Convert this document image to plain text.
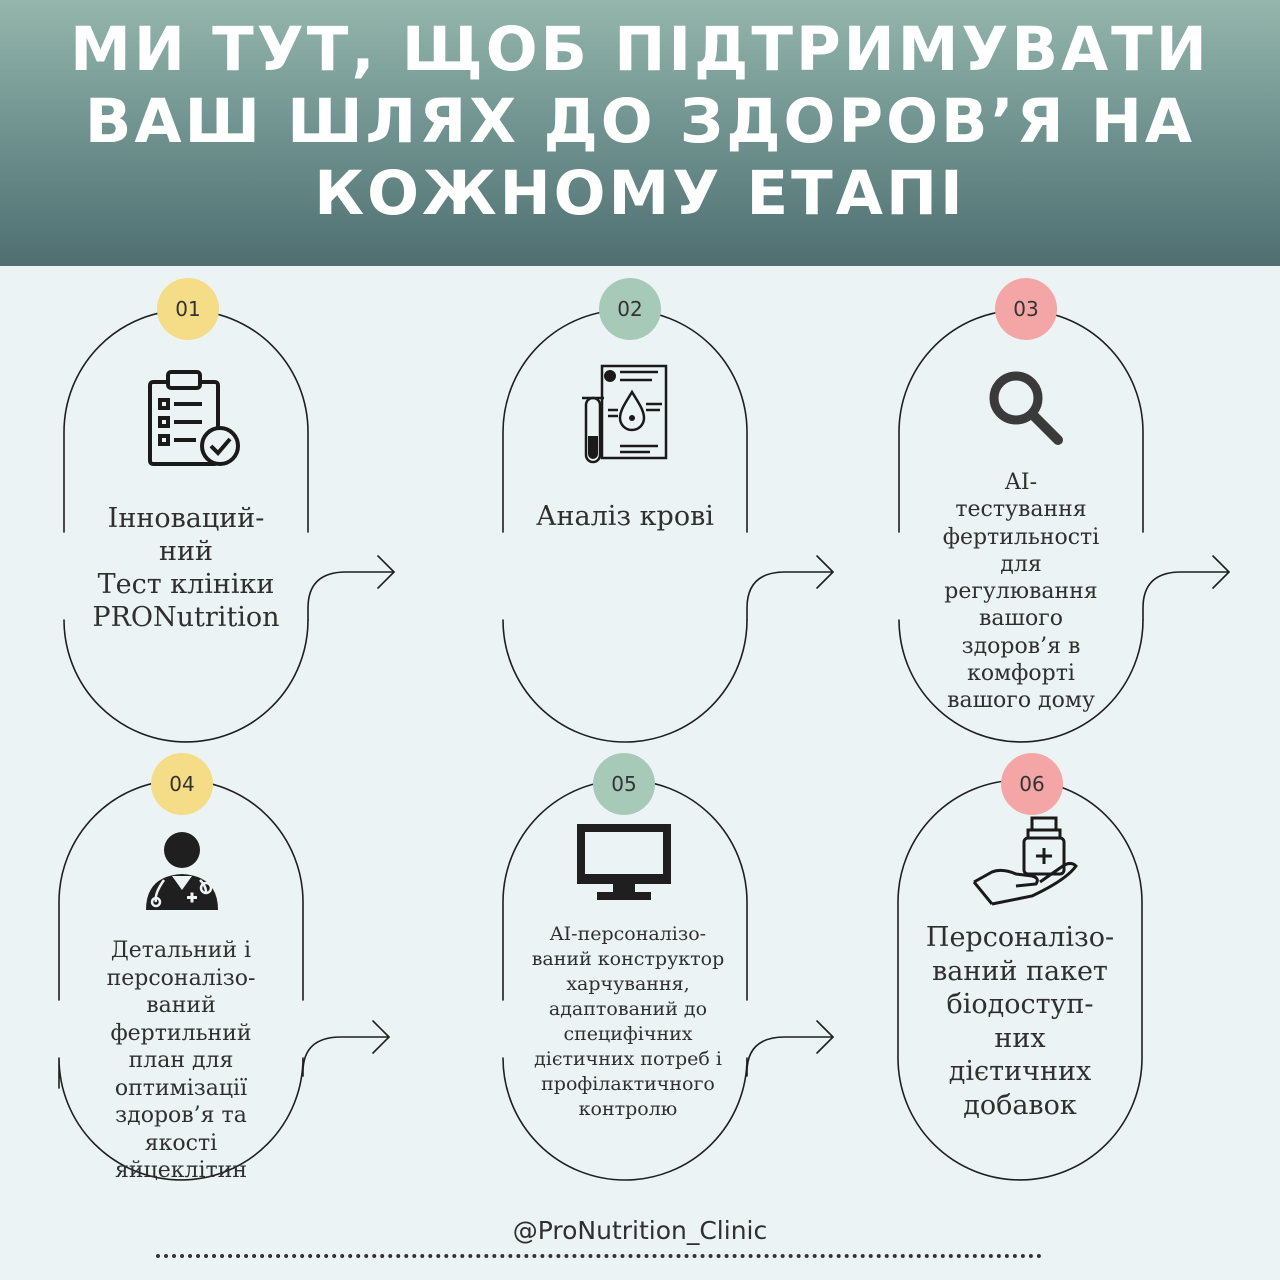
МИ ТУТ, ЩОБ ПІДТРИМУВАТИ
ВАШ ШЛЯХ ДО ЗДОРОВ’Я НА
КОЖНОМУ ЕТАПІ
01	02	03
04	05	06
Інноваций-
ний
Тест клініки
PRONutrition
Аналіз крові
AI-
тестування
фертильності
для
регулювання
вашого
здоров’я в
комфорті
вашого дому
Детальний і
персоналізо-
ваний
фертильний
план для
оптимізації
здоров’я та
якості
яйцеклітин
AI-персоналізо-
ваний конструктор
харчування,
адаптований до
специфічних
дієтичних потреб і
профілактичного
контролю
Персоналізо-
ваний пакет
біодоступ-
них
дієтичних
добавок
@ProNutrition_Clinic
